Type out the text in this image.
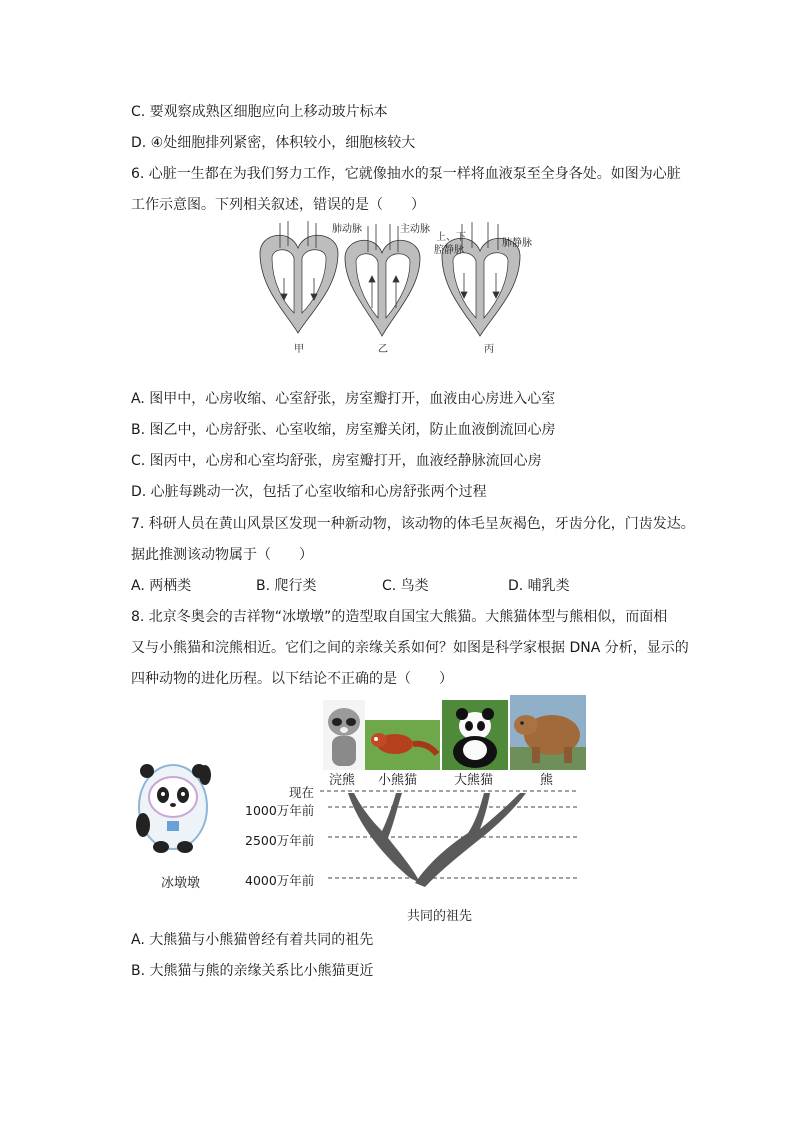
C. 要观察成熟区细胞应向上移动玻片标本
D. ④处细胞排列紧密，体积较小，细胞核较大
6. 心脏一生都在为我们努力工作，它就像抽水的泵一样将血液泵至全身各处。如图为心脏
工作示意图。下列相关叙述，错误的是（　　）
肺动脉	主动脉
上、下
腔静脉
肺静脉
甲	乙	丙
A. 图甲中，心房收缩、心室舒张，房室瓣打开，血液由心房进入心室
B. 图乙中，心房舒张、心室收缩，房室瓣关闭，防止血液倒流回心房
C. 图丙中，心房和心室均舒张，房室瓣打开，血液经静脉流回心房
D. 心脏每跳动一次，包括了心室收缩和心房舒张两个过程
7. 科研人员在黄山风景区发现一种新动物，该动物的体毛呈灰褐色，牙齿分化，门齿发达。
据此推测该动物属于（　　）
A. 两栖类	B. 爬行类	C. 鸟类	D. 哺乳类
8. 北京冬奥会的吉祥物“冰墩墩”的造型取自国宝大熊猫。大熊猫体型与熊相似，而面相
又与小熊猫和浣熊相近。它们之间的亲缘关系如何？如图是科学家根据 DNA 分析，显示的
四种动物的进化历程。以下结论不正确的是（　　）
冰墩墩
浣熊 小熊猫	大熊猫	熊
现在
1000万年前
2500万年前
4000万年前
共同的祖先
A. 大熊猫与小熊猫曾经有着共同的祖先
B. 大熊猫与熊的亲缘关系比小熊猫更近
